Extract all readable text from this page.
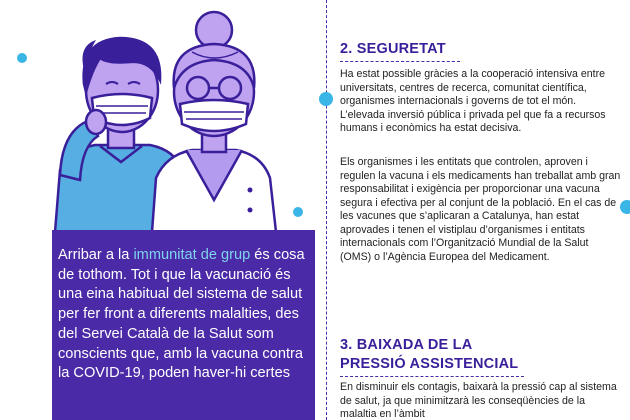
Arribar a la immunitat de grup és cosa de tothom. Tot i que la vacunació és una eina habitual del sistema de salut per fer front a diferents malalties, des del Servei Català de la Salut som conscients que, amb la vacuna contra la COVID-19, poden haver-hi certes

2. SEGURETAT

Ha estat possible gràcies a la cooperació intensiva entre universitats, centres de recerca, comunitat científica, organismes internacionals i governs de tot el món. L’elevada inversió pública i privada pel que fa a recursos humans i econòmics ha estat decisiva.

Els organismes i les entitats que controlen, aproven i regulen la vacuna i els medicaments han treballat amb gran responsabilitat i exigència per proporcionar una vacuna segura i efectiva per al conjunt de la població. En el cas de les vacunes que s’aplicaran a Catalunya, han estat aprovades i tenen el vistiplau d’organismes i entitats internacionals com l’Organització Mundial de la Salut (OMS) o l’Agència Europea del Medicament.

3. BAIXADA DE LA
PRESSIÓ ASSISTENCIAL

En disminuir els contagis, baixarà la pressió cap al sistema de salut, ja que minimitzarà les conseqüències de la malaltia en l’àmbit
